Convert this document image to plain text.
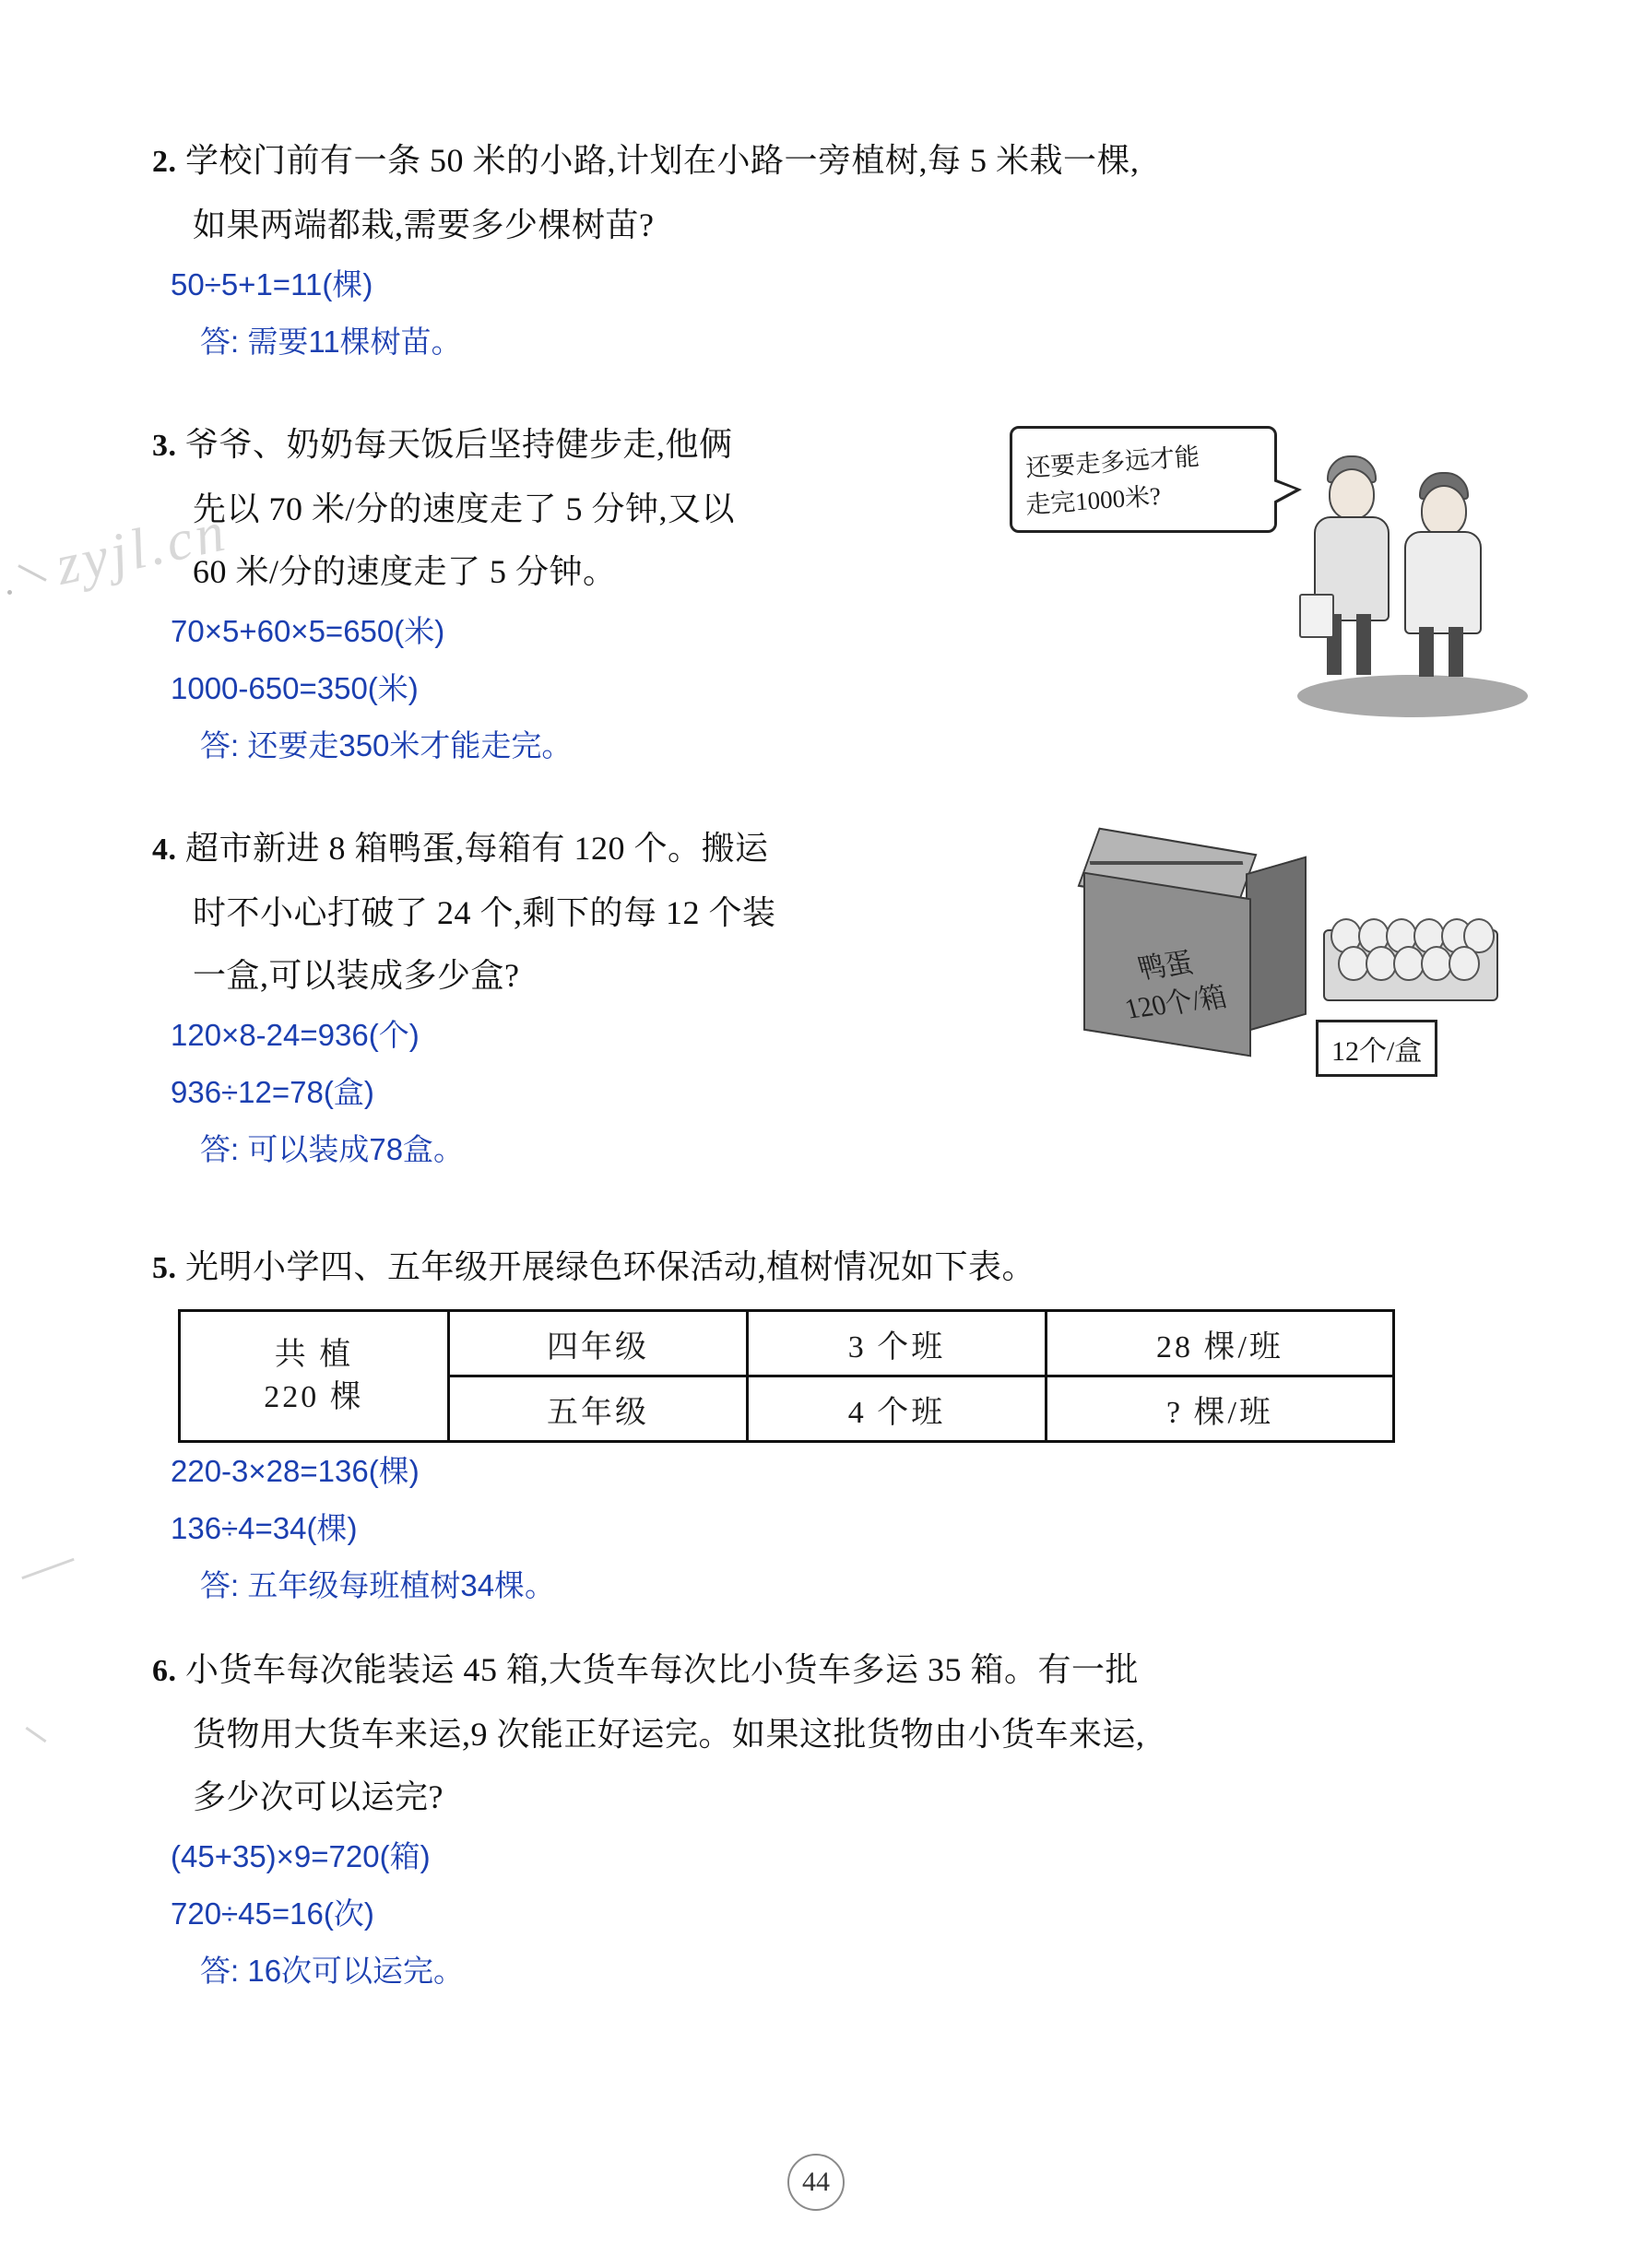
zyjl.cn
2. 学校门前有一条 50 米的小路,计划在小路一旁植树,每 5 米栽一棵,
如果两端都栽,需要多少棵树苗?
50÷5+1=11(棵)
答: 需要11棵树苗。
还要走多远才能
走完1000米?
3. 爷爷、奶奶每天饭后坚持健步走,他俩
先以 70 米/分的速度走了 5 分钟,又以
60 米/分的速度走了 5 分钟。
70×5+60×5=650(米)
1000-650=350(米)
答: 还要走350米才能走完。
鸭蛋
120个/箱
12个/盒
4. 超市新进 8 箱鸭蛋,每箱有 120 个。搬运
时不小心打破了 24 个,剩下的每 12 个装
一盒,可以装成多少盒?
120×8-24=936(个)
936÷12=78(盒)
答: 可以装成78盒。
5. 光明小学四、五年级开展绿色环保活动,植树情况如下表。
共 植
220 棵	四年级	3 个班	28 棵/班
	五年级	4 个班	? 棵/班
220-3×28=136(棵)
136÷4=34(棵)
答: 五年级每班植树34棵。
6. 小货车每次能装运 45 箱,大货车每次比小货车多运 35 箱。有一批
货物用大货车来运,9 次能正好运完。如果这批货物由小货车来运,
多少次可以运完?
(45+35)×9=720(箱)
720÷45=16(次)
答: 16次可以运完。
44
